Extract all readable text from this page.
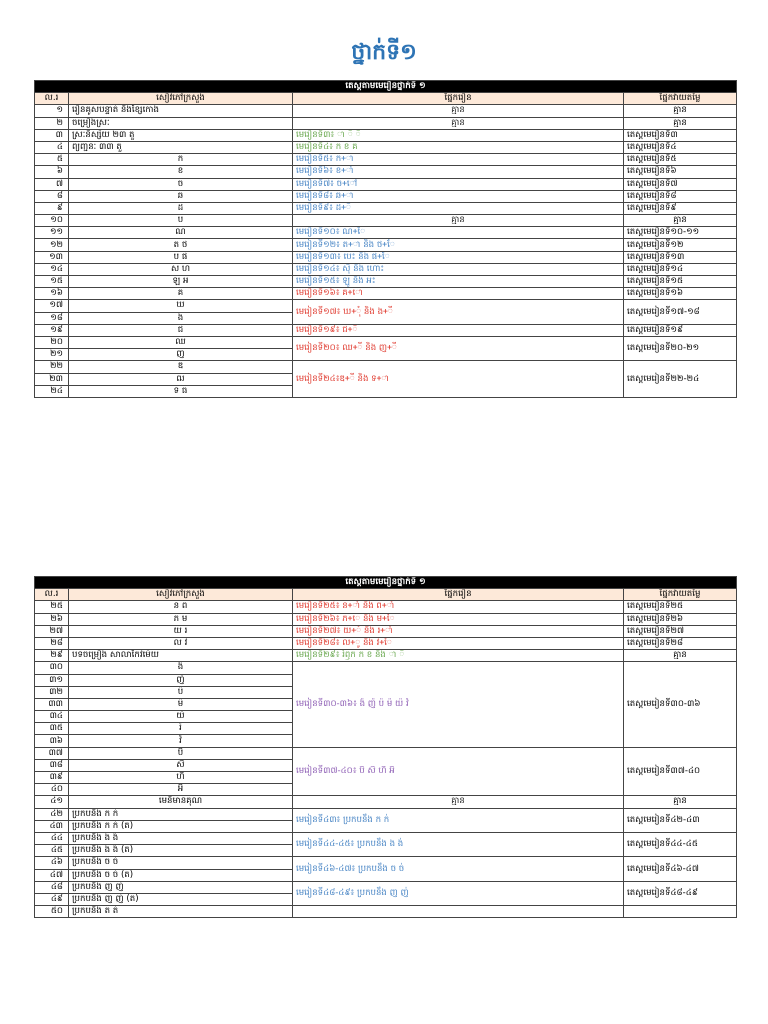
ថ្នាក់ទី១
តេស្តតាមមេរៀនថ្នាក់ទី ១			
ល.រ	សៀវភៅក្រសួង	ផ្នែករៀន	ផ្នែកវាយតម្លៃ
១	រៀនគូសបន្ទាត់ និងខ្សែកោង	គ្មាន	គ្មាន
២	ចម្រៀងស្រៈ	គ្មាន	គ្មាន
៣	ស្រៈនិស្ស័យ ២៣ តួ	មេរៀនទី៣៖ ា ិ ី	តេស្តមេរៀនទី៣
៤	ព្យញ្ជនៈ ៣៣ តួ	មេរៀនទី៤៖ ក ខ គ	តេស្តមេរៀនទី៤
៥	ក	មេរៀនទី៥៖ ក+ា	តេស្តមេរៀនទី៥
៦	ខ	មេរៀនទី៦៖ ខ+ាំ	តេស្តមេរៀនទី៦
៧	ច	មេរៀនទី៧៖ ច+ៅ	តេស្តមេរៀនទី៧
៨	ឆ	មេរៀនទី៨៖ ឆ+ា	តេស្តមេរៀនទី៨
៩	ដ	មេរៀនទី៩៖ ដ+ី	តេស្តមេរៀនទី៩
១០	ប	គ្មាន	គ្មាន
១១	ណ	មេរៀនទី១០៖ ណ+ែ	តេស្តមេរៀនទី១០-១១
១២	ត ថ	មេរៀនទី១២៖ ត+ា និង ថ+ែ	តេស្តមេរៀនទី១២
១៣	ប ផ	មេរៀនទី១៣៖ បេះ និង ផ+ែ	តេស្តមេរៀនទី១៣
១៤	ស ហ	មេរៀនទី១៤៖ ស៊ី និង ហោះ	តេស្តមេរៀនទី១៤
១៥	ឡ អ	មេរៀនទី១៥៖ ឡូ និង អះ	តេស្តមេរៀនទី១៥
១៦	គ	មេរៀនទី១៦៖ គ+ោ	តេស្តមេរៀនទី១៦
១៧	ឃ	មេរៀនទី១៧៖ ឃ+ុំ និង ង+ី	តេស្តមេរៀនទី១៧-១៨
១៨	ង		
១៩	ជ	មេរៀនទី១៩៖ ជ+ី	តេស្តមេរៀនទី១៩
២០	ឈ	មេរៀនទី២០៖ ឈ+ី និង ញ+ី	តេស្តមេរៀនទី២០-២១
២១	ញ		
២២	ឌ	មេរៀនទី២៤៖ឌ+ី និង ទ+ា	តេស្តមេរៀនទី២២-២៤
២៣	ឍ		
២៤	ទ ធ		
តេស្តតាមមេរៀនថ្នាក់ទី ១			
ល.រ	សៀវភៅក្រសួង	ផ្នែករៀន	ផ្នែកវាយតម្លៃ
២៥	ន ព	មេរៀនទី២៥៖ ន+ាំ និង ព+ាំ	តេស្តមេរៀនទី២៥
២៦	ភ ម	មេរៀនទី២៦៖ ភ+េ និង ម+ៃ	តេស្តមេរៀនទី២៦
២៧	យ រ	មេរៀនទី២៧៖ យ+ំ និង រ+ាំ	តេស្តមេរៀនទី២៧
២៨	ល វ	មេរៀនទី២៨៖ ល+ូ និង វ+ៃ	តេស្តមេរៀនទី២៨
២៩	បទចម្រៀង សាលាកែវម៉េយ	មេរៀនទី២៩៖ រំឭក ក ខ និង ា ី	គ្មាន
៣០	ង៉	មេរៀនទី៣០-៣៦៖ ង៉ ញ៉ ប៉ ម៉ យ៉ វ៉	តេស្តមេរៀនទី៣០-៣៦
៣១	ញ៉		
៣២	ប៉		
៣៣	ម៉		
៣៤	យ៉		
៣៥	រ៉		
៣៦	វ៉		
៣៧	ប៊	មេរៀនទី៣៧-៤០៖ ប៊ ស៊ ហ៊ អ៊	តេស្តមេរៀនទី៣៧-៤០
៣៨	ស៊		
៣៩	ហ៊		
៤០	អ៊		
៤១	មេនីមានគុណ	គ្មាន	គ្មាន
៤២	ប្រកបនឹង ក ក់	មេរៀនទី៤៣៖ ប្រកបនឹង ក ក់	តេស្តមេរៀនទី៤២-៤៣
៤៣	ប្រកបនឹង ក ក់ (ត)		
៤៤	ប្រកបនឹង ង ង់	មេរៀនទី៤៤-៤៥៖ ប្រកបនឹង ង ង់	តេស្តមេរៀនទី៤៤-៤៥
៤៥	ប្រកបនឹង ង ង់ (ត)		
៤៦	ប្រកបនឹង ច ច់	មេរៀនទី៤៦-៤៧៖ ប្រកបនឹង ច ច់	តេស្តមេរៀនទី៤៦-៤៧
៤៧	ប្រកបនឹង ច ច់ (ត)		
៤៨	ប្រកបនឹង ញ ញ់	មេរៀនទី៤៨-៤៩៖ ប្រកបនឹង ញ ញ់	តេស្តមេរៀនទី៤៨-៤៩
៤៩	ប្រកបនឹង ញ ញ់ (ត)		
៥០	ប្រកបនឹង ត ត់		
